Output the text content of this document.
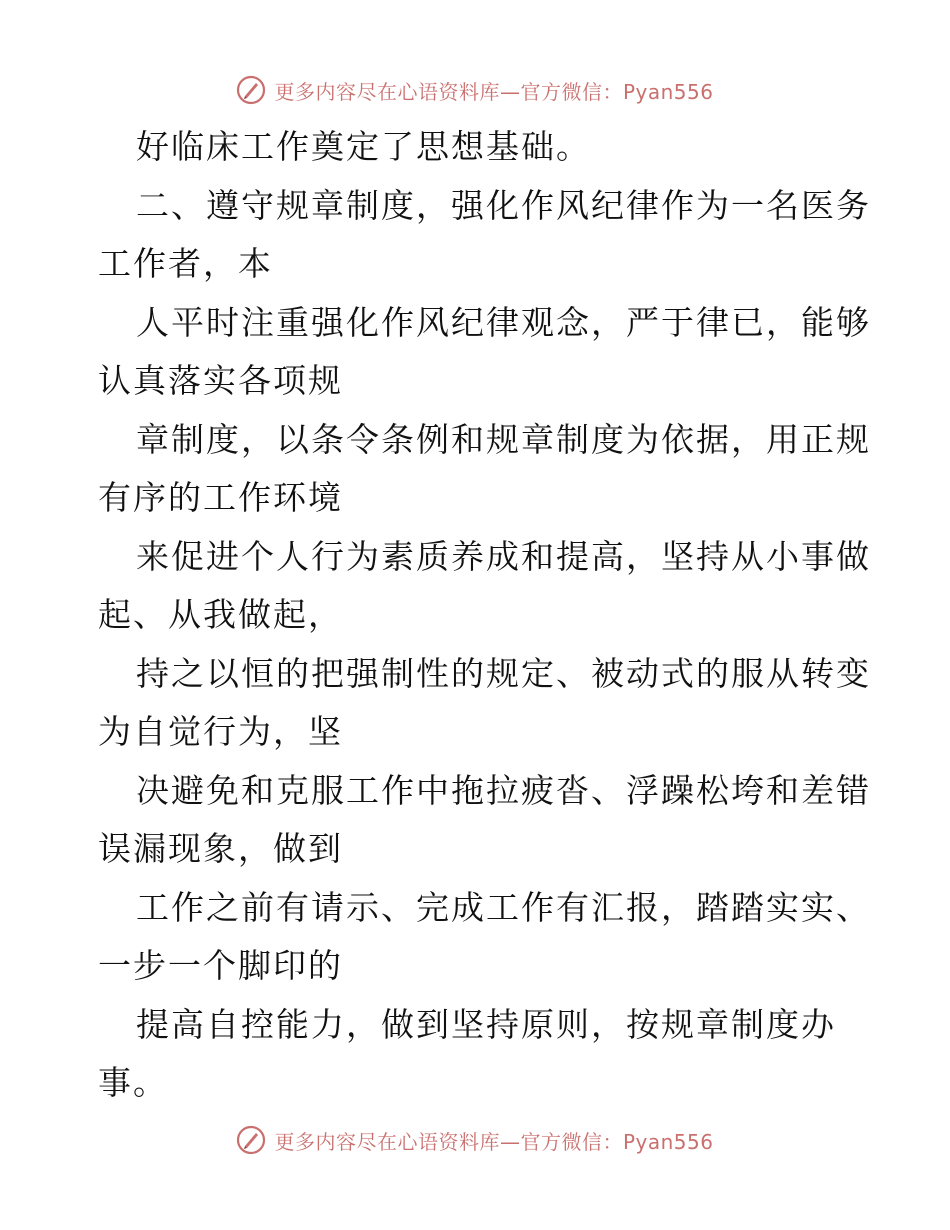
更多内容尽在心语资料库—官方微信：Pyan556
好临床工作奠定了思想基础。
二、遵守规章制度，强化作风纪律作为一名医务
工作者，本
人平时注重强化作风纪律观念，严于律已，能够
认真落实各项规
章制度，以条令条例和规章制度为依据，用正规
有序的工作环境
来促进个人行为素质养成和提高，坚持从小事做
起、从我做起，
持之以恒的把强制性的规定、被动式的服从转变
为自觉行为，坚
决避免和克服工作中拖拉疲沓、浮躁松垮和差错
误漏现象，做到
工作之前有请示、完成工作有汇报，踏踏实实、
一步一个脚印的
提高自控能力，做到坚持原则，按规章制度办
事。
更多内容尽在心语资料库—官方微信：Pyan556
